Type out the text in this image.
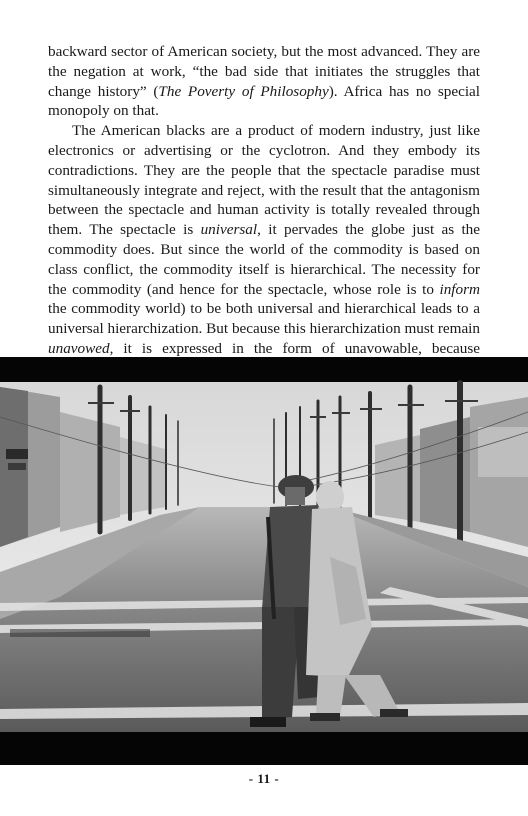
backward sector of American society, but the most advanced. They are the negation at work, “the bad side that initiates the struggles that change history” (The Poverty of Philosophy). Africa has no special monopoly on that.

The American blacks are a product of modern industry, just like electronics or advertising or the cyclotron. And they embody its contradictions. They are the people that the spectacle paradise must simultaneously integrate and reject, with the result that the antagonism between the spectacle and human activity is totally revealed through them. The spectacle is universal, it pervades the globe just as the commodity does. But since the world of the commodity is based on class conflict, the commodity itself is hierarchical. The necessity for the commodity (and hence for the spectacle, whose role is to inform the commodity world) to be both universal and hierarchical leads to a universal hierarchization. But because this hierarchization must remain unavowed, it is expressed in the form of unavowable, because

- 11 -
